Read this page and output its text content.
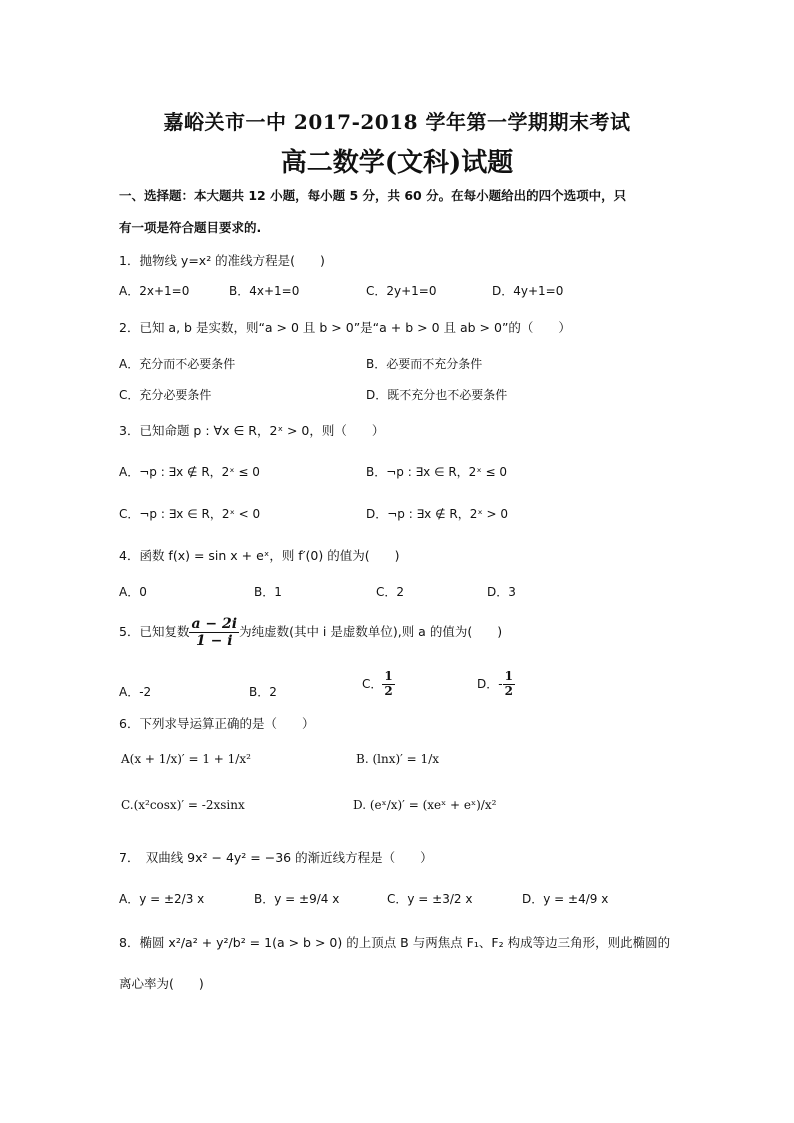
嘉峪关市一中 2017-2018 学年第一学期期末考试
高二数学(文科)试题
一、选择题：本大题共 12 小题，每小题 5 分，共 60 分。在每小题给出的四个选项中，只
有一项是符合题目要求的.
1．抛物线 y=x² 的准线方程是(　　)
A．2x+1=0	B．4x+1=0	C．2y+1=0	D．4y+1=0
2．已知 a, b 是实数，则“a > 0 且 b > 0”是“a + b > 0 且 ab > 0”的（　　）
A．充分而不必要条件	B．必要而不充分条件
C．充分必要条件	D．既不充分也不必要条件
3．已知命题 p : ∀x ∈ R，2ˣ > 0，则（　　）
A．¬p : ∃x ∉ R，2ˣ ≤ 0	B．¬p : ∃x ∈ R，2ˣ ≤ 0
C．¬p : ∃x ∈ R，2ˣ < 0	D．¬p : ∃x ∉ R，2ˣ > 0
4．函数 f(x) = sin x + eˣ，则 f′(0) 的值为(　　)
A．0	B．1	C．2	D．3
5．已知复数 $\frac{a - 2i}{1 - i}$ 为纯虚数(其中 i 是虚数单位),则 a 的值为(　　)
A．-2	B．2
C． $\frac{1}{2}$	D．- $\frac{1}{2}$
6．下列求导运算正确的是（　　）
A(x + 1/x)′ = 1 + 1/x²	B. (lnx)′ = 1/x
C.(x²cosx)′ = -2xsinx	D. (eˣ/x)′ = (xeˣ + eˣ)/x²
7．　双曲线 9x² − 4y² = −36 的渐近线方程是（　　）
A．y = ±2/3 x	B．y = ±9/4 x	C．y = ±3/2 x	D．y = ±4/9 x
8．椭圆 x²/a² + y²/b² = 1(a > b > 0) 的上顶点 B 与两焦点 F₁、F₂ 构成等边三角形，则此椭圆的
离心率为(　　)
